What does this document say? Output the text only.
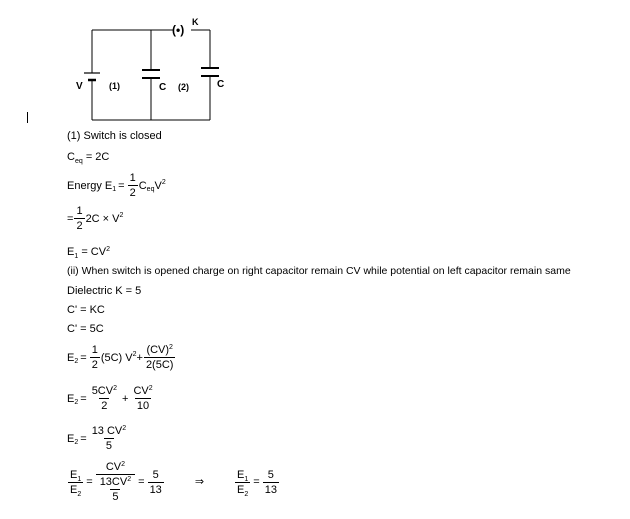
V	(1)	C (2)	C
(•)
K
(1) Switch is closed
$C_{eq} = 2C$
Energy E $1 = \frac{1}{2}$ C eq V 2
= $\frac{1}{2} 2C \times V$ 2
$E_1 = CV^2$
(ii) When switch is opened charge on right capacitor remain CV while potential on left capacitor remain same
Dielectric K = 5
C' = KC
C' = 5C
E $2 = \frac{1}{2} (5C)$ V $2 + \frac{(CV)^2}{2(5C)}$
E $2 = \frac{5CV^2}{2} + \frac{CV^2}{10}$
E $2 = \frac{13 CV^2}{5}$
$\frac{E_1}{E_2} = \frac{CV^2}{\frac{13CV^2}{5}} = \frac{5}{13}$	⇒	$\frac{E_1}{E_2} = \frac{5}{13}$
